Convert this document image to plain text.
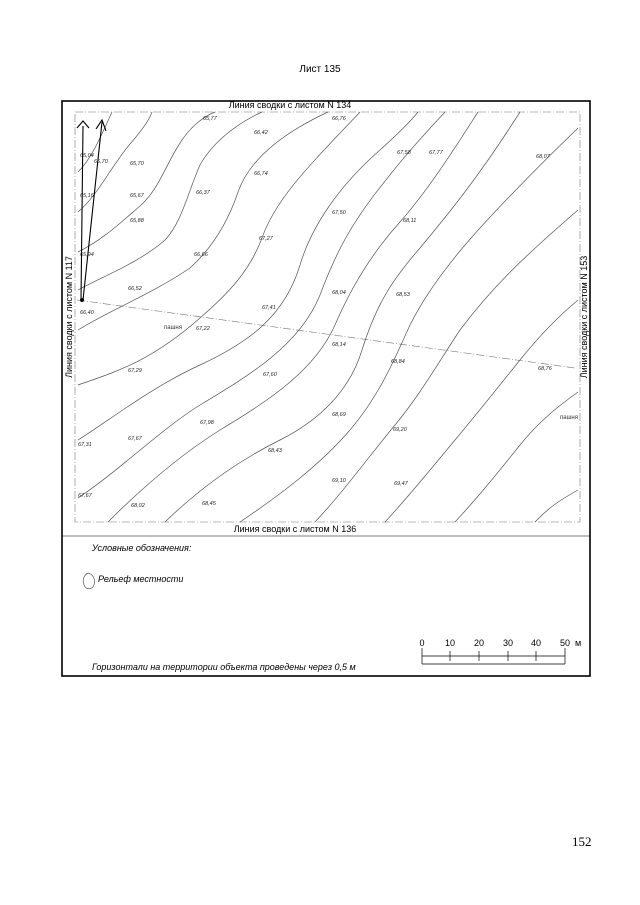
Лист 135
Линия сводки с листом N 134
Линия сводки с листом N 136
Линия сводки с листом N 117	Линия сводки с листом N 153
65,77
66,42
66,76
66,70
67,58	67,77
68,07
65,04
65,70
66,74
65,16	65,67	66,37
67,50
65,88	68,11
67,27
65,94	66,66
66,52
68,04	68,53
66,40
67,41
67,22
68,14
68,84
67,29
67,60
68,76
67,98
68,69
67,31
67,67
69,20
68,43
69,10	69,47
67,67
68,02	68,45
пашня
пашня
Условные обозначения:
Рельеф местности
Горизонтали на территории объекта проведены через 0,5 м
0 10 20 30 40 50 м
152
